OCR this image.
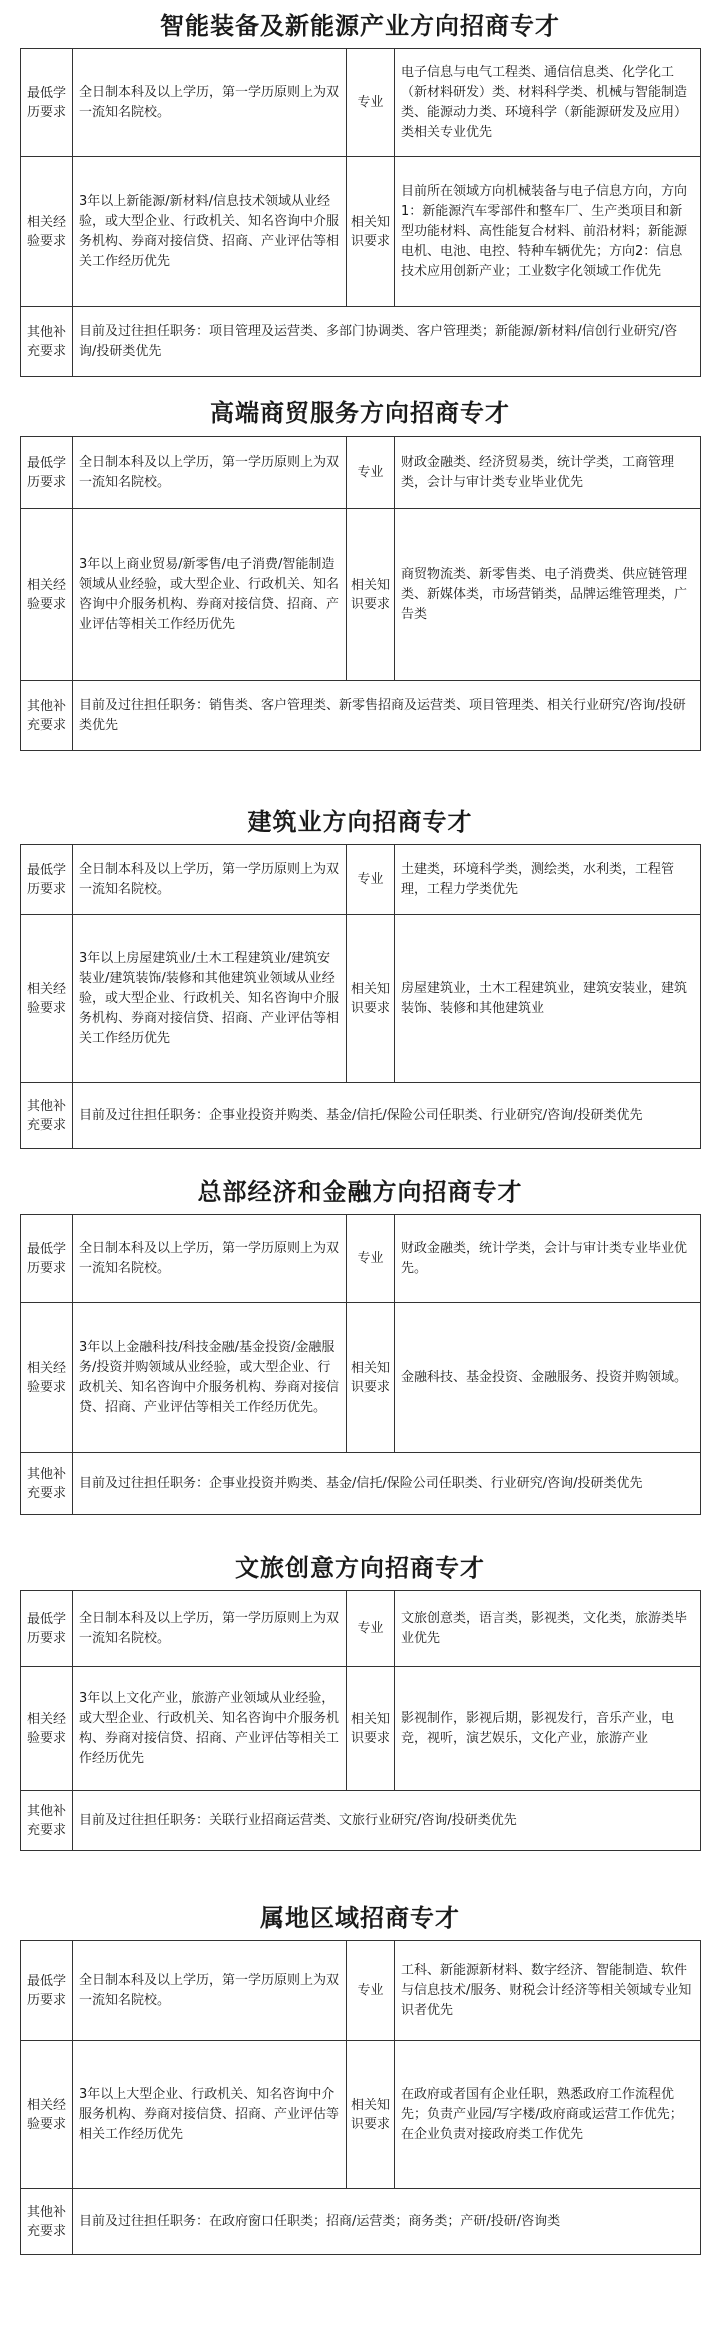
智能装备及新能源产业方向招商专才
最低学历要求	全日制本科及以上学历，第一学历原则上为双一流知名院校。	专业	电子信息与电气工程类、通信信息类、化学化工（新材料研发）类、材料科学类、机械与智能制造类、能源动力类、环境科学（新能源研发及应用）类相关专业优先
相关经验要求	3年以上新能源/新材料/信息技术领域从业经验，或大型企业、行政机关、知名咨询中介服务机构、券商对接信贷、招商、产业评估等相关工作经历优先	相关知识要求	目前所在领域方向机械装备与电子信息方向，方向1：新能源汽车零部件和整车厂、生产类项目和新型功能材料、高性能复合材料、前沿材料；新能源电机、电池、电控、特种车辆优先；方向2：信息技术应用创新产业；工业数字化领域工作优先
其他补充要求	目前及过往担任职务：项目管理及运营类、多部门协调类、客户管理类；新能源/新材料/信创行业研究/咨询/投研类优先		
高端商贸服务方向招商专才
最低学历要求	全日制本科及以上学历，第一学历原则上为双一流知名院校。	专业	财政金融类、经济贸易类，统计学类，工商管理类，会计与审计类专业毕业优先
相关经验要求	3年以上商业贸易/新零售/电子消费/智能制造领域从业经验，或大型企业、行政机关、知名咨询中介服务机构、券商对接信贷、招商、产业评估等相关工作经历优先	相关知识要求	商贸物流类、新零售类、电子消费类、供应链管理类、新媒体类，市场营销类，品牌运维管理类，广告类
其他补充要求	目前及过往担任职务：销售类、客户管理类、新零售招商及运营类、项目管理类、相关行业研究/咨询/投研类优先		
建筑业方向招商专才
最低学历要求	全日制本科及以上学历，第一学历原则上为双一流知名院校。	专业	土建类，环境科学类，测绘类，水利类，工程管理，工程力学类优先
相关经验要求	3年以上房屋建筑业/土木工程建筑业/建筑安装业/建筑装饰/装修和其他建筑业领域从业经验，或大型企业、行政机关、知名咨询中介服务机构、券商对接信贷、招商、产业评估等相关工作经历优先	相关知识要求	房屋建筑业，土木工程建筑业，建筑安装业，建筑装饰、装修和其他建筑业
其他补充要求	目前及过往担任职务：企事业投资并购类、基金/信托/保险公司任职类、行业研究/咨询/投研类优先		
总部经济和金融方向招商专才
最低学历要求	全日制本科及以上学历，第一学历原则上为双一流知名院校。	专业	财政金融类，统计学类，会计与审计类专业毕业优先。
相关经验要求	3年以上金融科技/科技金融/基金投资/金融服务/投资并购领域从业经验，或大型企业、行政机关、知名咨询中介服务机构、券商对接信贷、招商、产业评估等相关工作经历优先。	相关知识要求	金融科技、基金投资、金融服务、投资并购领域。
其他补充要求	目前及过往担任职务：企事业投资并购类、基金/信托/保险公司任职类、行业研究/咨询/投研类优先		
文旅创意方向招商专才
最低学历要求	全日制本科及以上学历，第一学历原则上为双一流知名院校。	专业	文旅创意类，语言类，影视类，文化类，旅游类毕业优先
相关经验要求	3年以上文化产业，旅游产业领域从业经验，或大型企业、行政机关、知名咨询中介服务机构、券商对接信贷、招商、产业评估等相关工作经历优先	相关知识要求	影视制作，影视后期，影视发行，音乐产业，电竞，视听，演艺娱乐，文化产业，旅游产业
其他补充要求	目前及过往担任职务：关联行业招商运营类、文旅行业研究/咨询/投研类优先		
属地区域招商专才
最低学历要求	全日制本科及以上学历，第一学历原则上为双一流知名院校。	专业	工科、新能源新材料、数字经济、智能制造、软件与信息技术/服务、财税会计经济等相关领域专业知识者优先
相关经验要求	3年以上大型企业、行政机关、知名咨询中介服务机构、券商对接信贷、招商、产业评估等相关工作经历优先	相关知识要求	在政府或者国有企业任职，熟悉政府工作流程优先；负责产业园/写字楼/政府商或运营工作优先；在企业负责对接政府类工作优先
其他补充要求	目前及过往担任职务：在政府窗口任职类；招商/运营类；商务类；产研/投研/咨询类		
